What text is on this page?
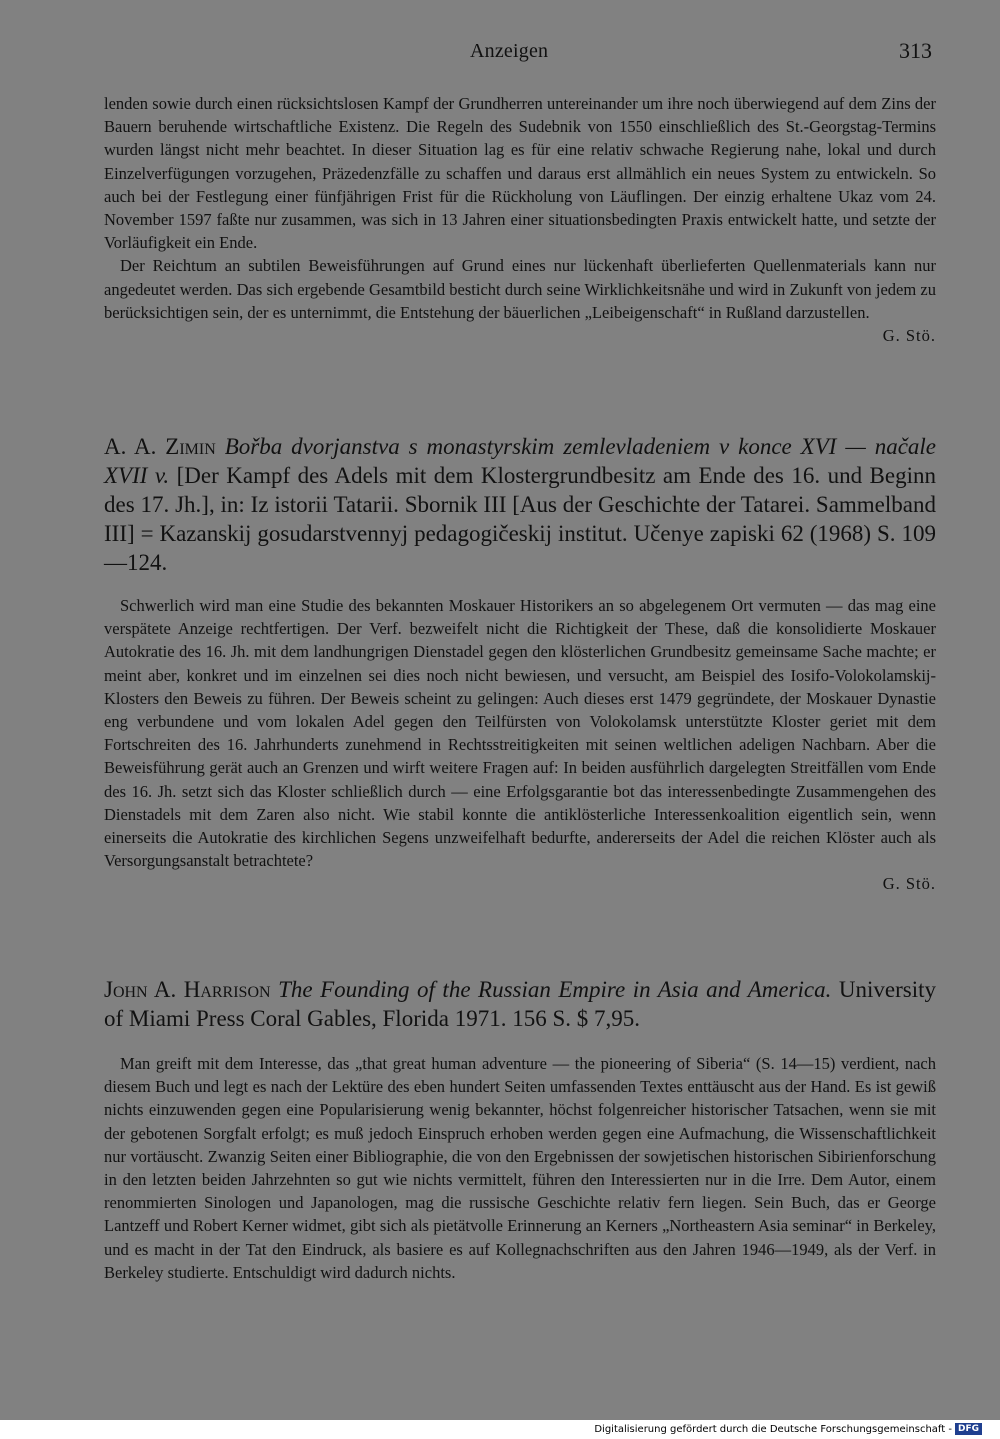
Anzeigen	313

lenden sowie durch einen rücksichtslosen Kampf der Grundherren untereinander um ihre noch überwiegend auf dem Zins der Bauern beruhende wirtschaftliche Existenz. Die Regeln des Sudebnik von 1550 einschließlich des St.-Georgstag-Termins wurden längst nicht mehr beachtet. In dieser Situation lag es für eine relativ schwache Regierung nahe, lokal und durch Einzelverfügungen vorzugehen, Präzedenzfälle zu schaffen und daraus erst allmählich ein neues System zu entwickeln. So auch bei der Festlegung einer fünfjährigen Frist für die Rückholung von Läuflingen. Der einzig erhaltene Ukaz vom 24. November 1597 faßte nur zusammen, was sich in 13 Jahren einer situationsbedingten Praxis entwickelt hatte, und setzte der Vorläufigkeit ein Ende.

Der Reichtum an subtilen Beweisführungen auf Grund eines nur lückenhaft überlieferten Quellenmaterials kann nur angedeutet werden. Das sich ergebende Gesamtbild besticht durch seine Wirklichkeitsnähe und wird in Zukunft von jedem zu berücksichtigen sein, der es unternimmt, die Entstehung der bäuerlichen „Leibeigenschaft“ in Rußland darzustellen.

G. Stö.
A. A. Zimin Bořba dvorjanstva s monastyrskim zemlevladeniem v konce XVI — načale XVII v. [Der Kampf des Adels mit dem Klostergrundbesitz am Ende des 16. und Beginn des 17. Jh.], in: Iz istorii Tatarii. Sbornik III [Aus der Geschichte der Tatarei. Sammelband III] = Kazanskij gosudarstvennyj pedagogičeskij institut. Učenye zapiski 62 (1968) S. 109—124.

Schwerlich wird man eine Studie des bekannten Moskauer Historikers an so abgelegenem Ort vermuten — das mag eine verspätete Anzeige rechtfertigen. Der Verf. bezweifelt nicht die Richtigkeit der These, daß die konsolidierte Moskauer Autokratie des 16. Jh. mit dem landhungrigen Dienstadel gegen den klösterlichen Grundbesitz gemeinsame Sache machte; er meint aber, konkret und im einzelnen sei dies noch nicht bewiesen, und versucht, am Beispiel des Iosifo-Volokolamskij-Klosters den Beweis zu führen. Der Beweis scheint zu gelingen: Auch dieses erst 1479 gegründete, der Moskauer Dynastie eng verbundene und vom lokalen Adel gegen den Teilfürsten von Volokolamsk unterstützte Kloster geriet mit dem Fortschreiten des 16. Jahrhunderts zunehmend in Rechtsstreitigkeiten mit seinen weltlichen adeligen Nachbarn. Aber die Beweisführung gerät auch an Grenzen und wirft weitere Fragen auf: In beiden ausführlich dargelegten Streitfällen vom Ende des 16. Jh. setzt sich das Kloster schließlich durch — eine Erfolgsgarantie bot das interessenbedingte Zusammengehen des Dienstadels mit dem Zaren also nicht. Wie stabil konnte die antiklösterliche Interessenkoalition eigentlich sein, wenn einerseits die Autokratie des kirchlichen Segens unzweifelhaft bedurfte, andererseits der Adel die reichen Klöster auch als Versorgungsanstalt betrachtete?

G. Stö.
John A. Harrison The Founding of the Russian Empire in Asia and America. University of Miami Press Coral Gables, Florida 1971. 156 S. $ 7,95.

Man greift mit dem Interesse, das „that great human adventure — the pioneering of Siberia“ (S. 14—15) verdient, nach diesem Buch und legt es nach der Lektüre des eben hundert Seiten umfassenden Textes enttäuscht aus der Hand. Es ist gewiß nichts einzuwenden gegen eine Popularisierung wenig bekannter, höchst folgenreicher historischer Tatsachen, wenn sie mit der gebotenen Sorgfalt erfolgt; es muß jedoch Einspruch erhoben werden gegen eine Aufmachung, die Wissenschaftlichkeit nur vortäuscht. Zwanzig Seiten einer Bibliographie, die von den Ergebnissen der sowjetischen historischen Sibirienforschung in den letzten beiden Jahrzehnten so gut wie nichts vermittelt, führen den Interessierten nur in die Irre. Dem Autor, einem renommierten Sinologen und Japanologen, mag die russische Geschichte relativ fern liegen. Sein Buch, das er George Lantzeff und Robert Kerner widmet, gibt sich als pietätvolle Erinnerung an Kerners „Northeastern Asia seminar“ in Berkeley, und es macht in der Tat den Eindruck, als basiere es auf Kollegnachschriften aus den Jahren 1946—1949, als der Verf. in Berkeley studierte. Entschuldigt wird dadurch nichts.

Digitalisierung gefördert durch die Deutsche Forschungsgemeinschaft - DFG
